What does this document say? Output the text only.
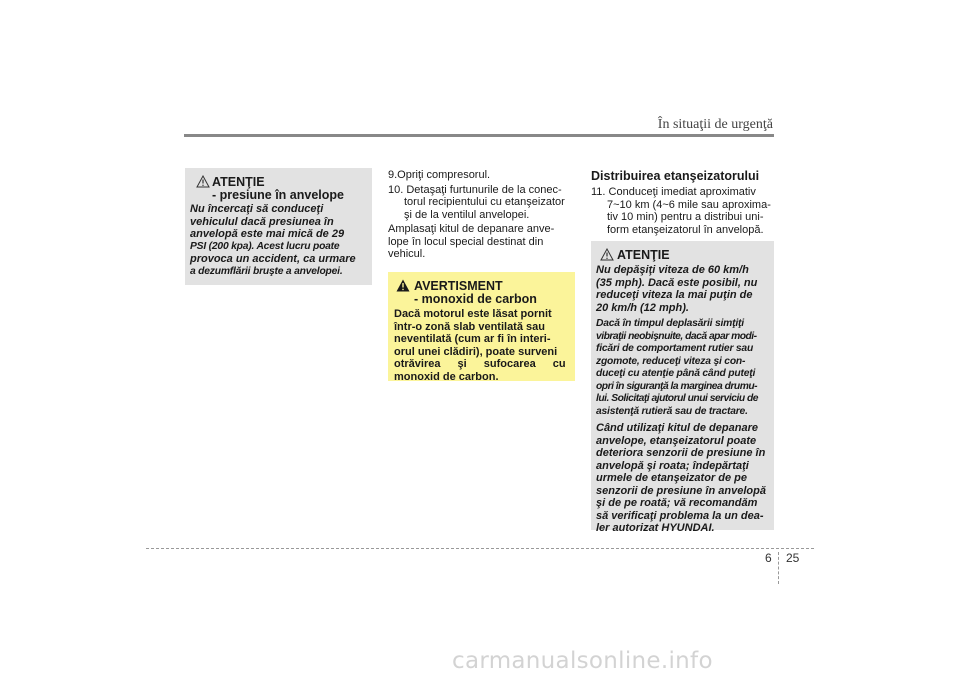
În situaţii de urgenţă
ATENŢIE
- presiune în anvelope

Nu încercaţi să conduceţi

vehiculul dacă presiunea în

anvelopă este mai mică de 29

PSI (200 kpa). Acest lucru poate

provoca un accident, ca urmare

a dezumflării bruşte a anvelopei.

9.Opriţi compresorul.

10. Detaşaţi furtunurile de la conec-

torul recipientului cu etanşeizator

şi de la ventilul anvelopei.

Amplasaţi kitul de depanare anve-

lope în locul special destinat din

vehicul.

AVERTISMENT
- monoxid de carbon

Dacă motorul este lăsat pornit

într-o zonă slab ventilată sau

neventilată (cum ar fi în interi-

orul unei clădiri), poate surveni

otrăvirea şi sufocarea cu

monoxid de carbon.

Distribuirea etanşeizatorului

11. Conduceţi imediat aproximativ

7~10 km (4~6 mile sau aproxima-

tiv 10 min) pentru a distribui uni-

form etanşeizatorul în anvelopă.

ATENŢIE

Nu depăşiţi viteza de 60 km/h

(35 mph). Dacă este posibil, nu

reduceţi viteza la mai puţin de

20 km/h (12 mph).

Dacă în timpul deplasării simţiţi

vibraţii neobişnuite, dacă apar modi-

ficări de comportament rutier sau

zgomote, reduceţi viteza şi con-

duceţi cu atenţie până când puteţi

opri în siguranţă la marginea drumu-

lui. Solicitaţi ajutorul unui serviciu de

asistenţă rutieră sau de tractare.

Când utilizaţi kitul de depanare

anvelope, etanşeizatorul poate

deteriora senzorii de presiune în

anvelopă şi roata; îndepărtaţi

urmele de etanşeizator de pe

senzorii de presiune în anvelopă

şi de pe roată; vă recomandăm

să verificaţi problema la un dea-

ler autorizat HYUNDAI.

6 25
carmanualsonline.info
